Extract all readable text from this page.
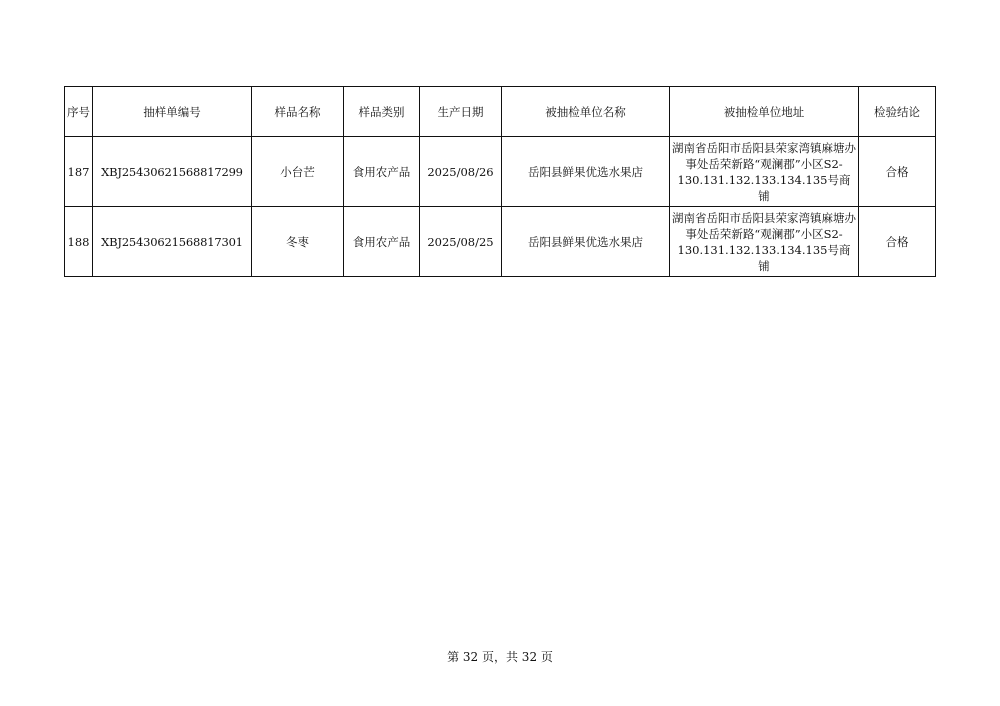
序号	抽样单编号	样品名称	样品类别	生产日期	被抽检单位名称	被抽检单位地址	检验结论
187	XBJ25430621568817299	小台芒	食用农产品	2025/08/26	岳阳县鲜果优选水果店	湖南省岳阳市岳阳县荣家湾镇麻塘办事处岳荣新路“观澜郡”小区S2-130.131.132.133.134.135号商铺	合格
188	XBJ25430621568817301	冬枣	食用农产品	2025/08/25	岳阳县鲜果优选水果店	湖南省岳阳市岳阳县荣家湾镇麻塘办事处岳荣新路“观澜郡”小区S2-130.131.132.133.134.135号商铺	合格
第 32 页，共 32 页
